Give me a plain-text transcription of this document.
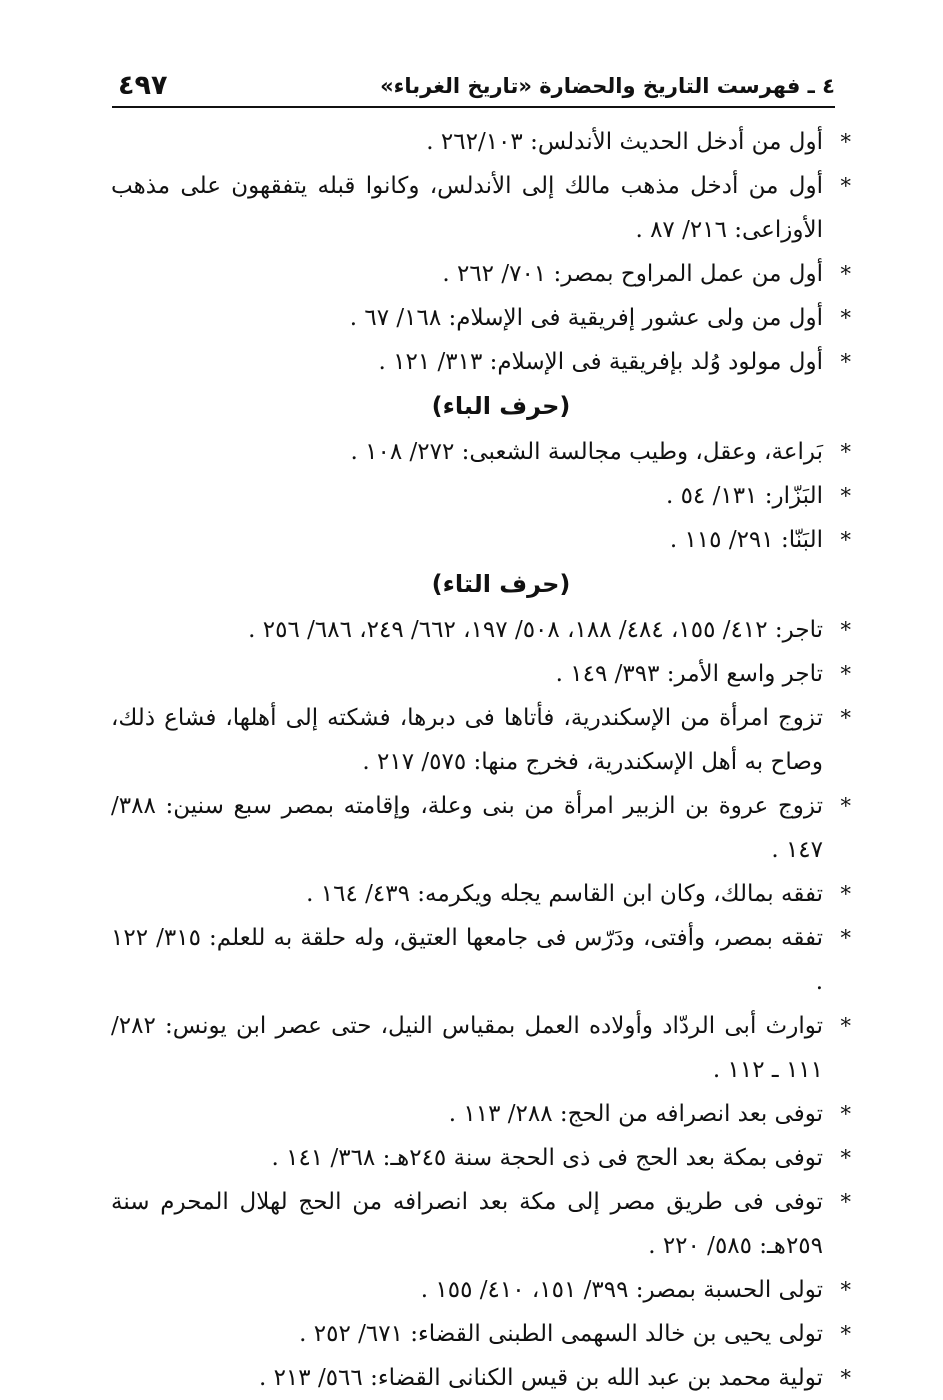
٤ ـ فهرست التاريخ والحضارة «تاريخ الغرباء»
٤٩٧
*
أول من أدخل الحديث الأندلس: ٢٦٢/١٠٣ .
*
أول من أدخل مذهب مالك إلى الأندلس، وكانوا قبله يتفقهون على مذهب الأوزاعى: ٢١٦/ ٨٧ .
*
أول من عمل المراوح بمصر: ٧٠١/ ٢٦٢ .
*
أول من ولى عشور إفريقية فى الإسلام: ١٦٨/ ٦٧ .
*
أول مولود وُلد بإفريقية فى الإسلام: ٣١٣/ ١٢١ .
(حرف الباء)
*
بَراعة، وعقل، وطيب مجالسة الشعبى: ٢٧٢/ ١٠٨ .
*
البَزّار: ١٣١/ ٥٤ .
*
البَنّا: ٢٩١/ ١١٥ .
(حرف التاء)
*
تاجر: ٤١٢/ ١٥٥، ٤٨٤/ ١٨٨، ٥٠٨/ ١٩٧، ٦٦٢/ ٢٤٩، ٦٨٦/ ٢٥٦ .
*
تاجر واسع الأمر: ٣٩٣/ ١٤٩ .
*
تزوج امرأة من الإسكندرية، فأتاها فى دبرها، فشكته إلى أهلها، فشاع ذلك، وصاح به أهل الإسكندرية، فخرج منها: ٥٧٥/ ٢١٧ .
*
تزوج عروة بن الزبير امرأة من بنى وعلة، وإقامته بمصر سبع سنين: ٣٨٨/ ١٤٧ .
*
تفقه بمالك، وكان ابن القاسم يجله ويكرمه: ٤٣٩/ ١٦٤ .
*
تفقه بمصر، وأفتى، ودَرّس فى جامعها العتيق، وله حلقة به للعلم: ٣١٥/ ١٢٢ .
*
توارث أبى الردّاد وأولاده العمل بمقياس النيل، حتى عصر ابن يونس: ٢٨٢/ ١١١ ـ ١١٢ .
*
توفى بعد انصرافه من الحج: ٢٨٨/ ١١٣ .
*
توفى بمكة بعد الحج فى ذى الحجة سنة ٢٤٥هـ: ٣٦٨/ ١٤١ .
*
توفى فى طريق مصر إلى مكة بعد انصرافه من الحج لهلال المحرم سنة ٢٥٩هـ: ٥٨٥/ ٢٢٠ .
*
تولى الحسبة بمصر: ٣٩٩/ ١٥١، ٤١٠/ ١٥٥ .
*
تولى يحيى بن خالد السهمى الطبنى القضاء: ٦٧١/ ٢٥٢ .
*
تولية محمد بن عبد الله بن قيس الكنانى القضاء: ٥٦٦/ ٢١٣ .
